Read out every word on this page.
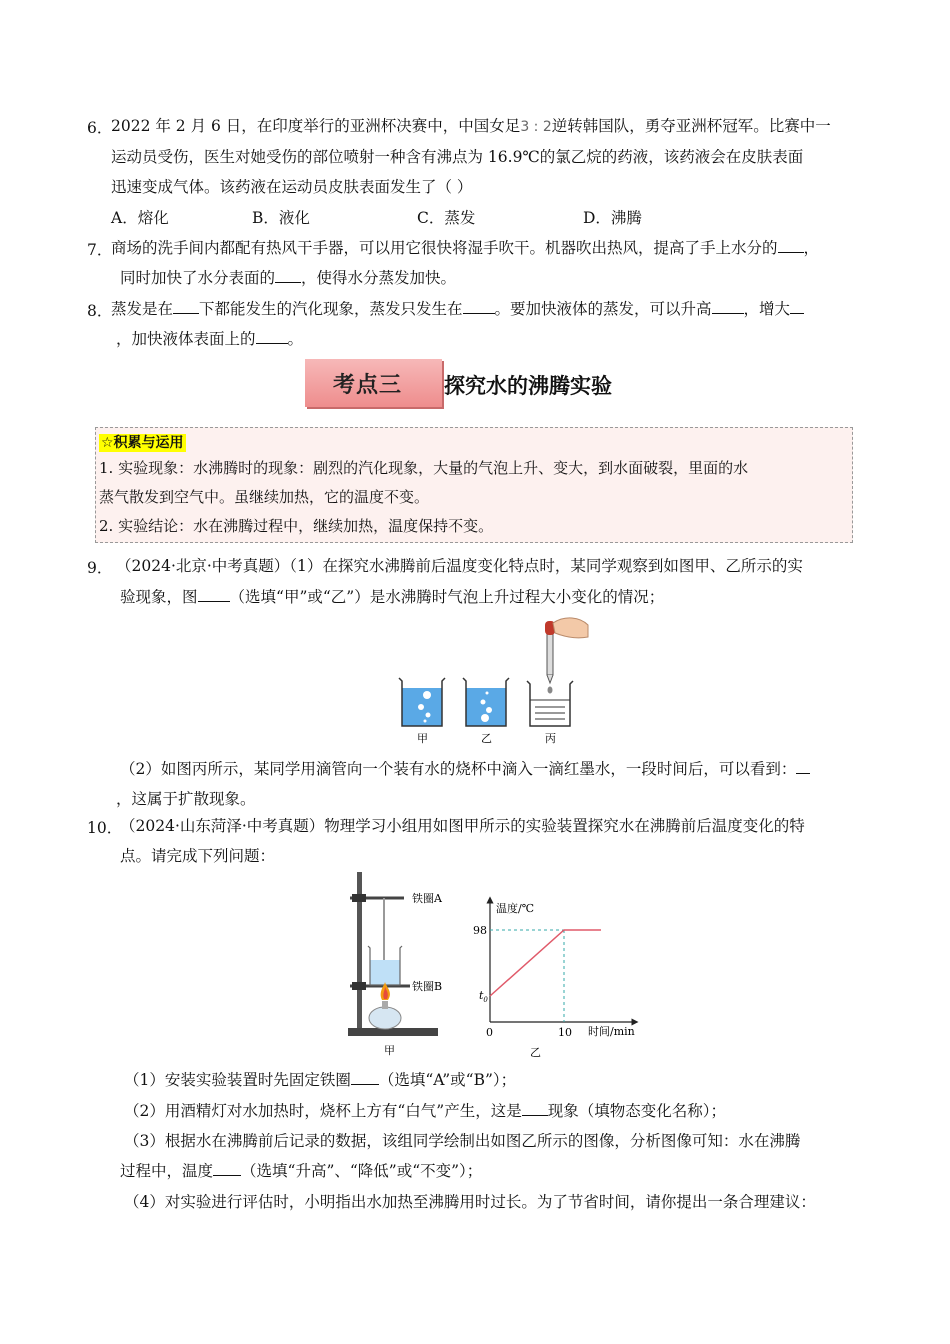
6．
2022 年 2 月 6 日，在印度举行的亚洲杯决赛中，中国女足3 : 2逆转韩国队，勇夺亚洲杯冠军。比赛中一
运动员受伤，医生对她受伤的部位喷射一种含有沸点为 16.9℃的氯乙烷的药液，该药液会在皮肤表面
迅速变成气体。该药液在运动员皮肤表面发生了（ ）
A．熔化	B．液化	C．蒸发	D．沸腾
7．
商场的洗手间内都配有热风干手器，可以用它很快将湿手吹干。机器吹出热风，提高了手上水分的 ，
同时加快了水分表面的 ，使得水分蒸发加快。
8．
蒸发是在 下都能发生的汽化现象，蒸发只发生在 。要加快液体的蒸发，可以升高 ，增大
，加快液体表面上的 。
考点三 探究水的沸腾实验
☆积累与运用
1. 实验现象：水沸腾时的现象：剧烈的汽化现象，大量的气泡上升、变大，到水面破裂，里面的水
蒸气散发到空气中。虽继续加热，它的温度不变。
2. 实验结论：水在沸腾过程中，继续加热，温度保持不变。
9． （2024·北京·中考真题）（1）在探究水沸腾前后温度变化特点时，某同学观察到如图甲、乙所示的实
验现象，图 （选填“甲”或“乙”）是水沸腾时气泡上升过程大小变化的情况；
甲	乙	丙
（2）如图丙所示，某同学用滴管向一个装有水的烧杯中滴入一滴红墨水，一段时间后，可以看到：
，这属于扩散现象。
10．
（2024·山东菏泽·中考真题）物理学习小组用如图甲所示的实验装置探究水在沸腾前后温度变化的特
点。请完成下列问题：
铁圈A
铁圈B
甲
温度/℃
时间/min
98
$t_0$
0	10
乙
（1）安装实验装置时先固定铁圈 （选填“A”或“B”）；
（2）用酒精灯对水加热时，烧杯上方有“白气”产生，这是 现象（填物态变化名称）；
（3）根据水在沸腾前后记录的数据，该组同学绘制出如图乙所示的图像，分析图像可知：水在沸腾
过程中，温度 （选填“升高”、“降低”或“不变”）；
（4）对实验进行评估时，小明指出水加热至沸腾用时过长。为了节省时间，请你提出一条合理建议：
